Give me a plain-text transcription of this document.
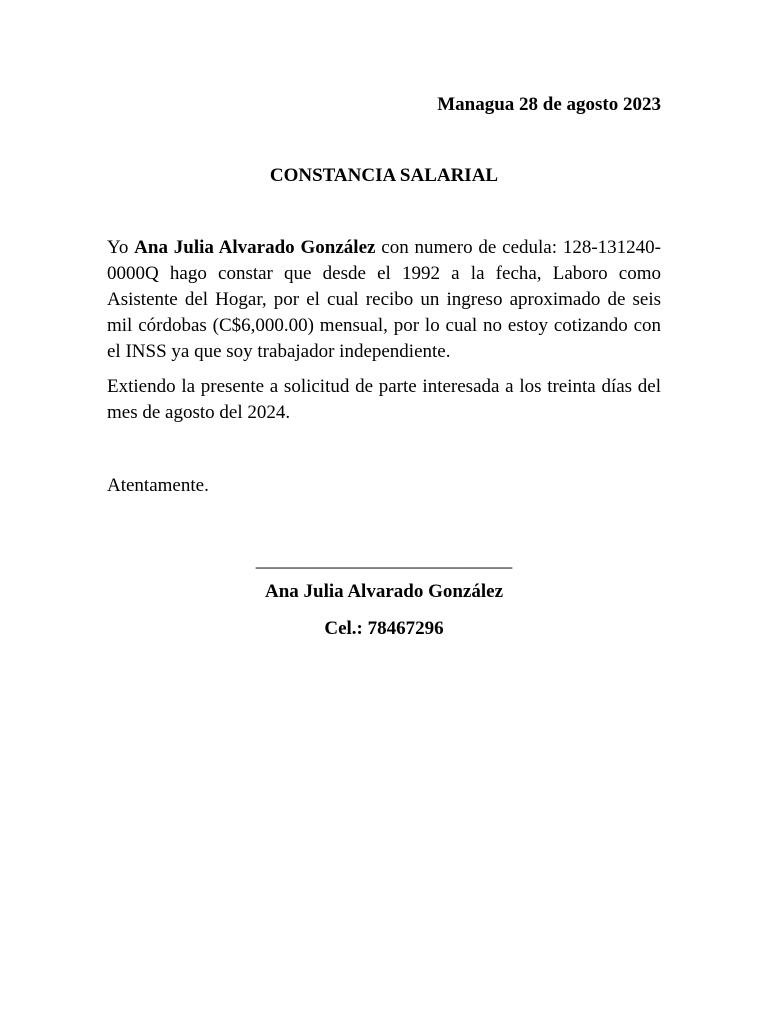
Managua 28 de agosto 2023
CONSTANCIA SALARIAL

Yo Ana Julia Alvarado González con numero de cedula: 128-131240-0000Q hago constar que desde el 1992 a la fecha, Laboro como Asistente del Hogar, por el cual recibo un ingreso aproximado de seis mil córdobas (C$6,000.00) mensual, por lo cual no estoy cotizando con el INSS ya que soy trabajador independiente.

Extiendo la presente a solicitud de parte interesada a los treinta días del mes de agosto del 2024.

Atentamente.
___________________________
Ana Julia Alvarado González
Cel.: 78467296
